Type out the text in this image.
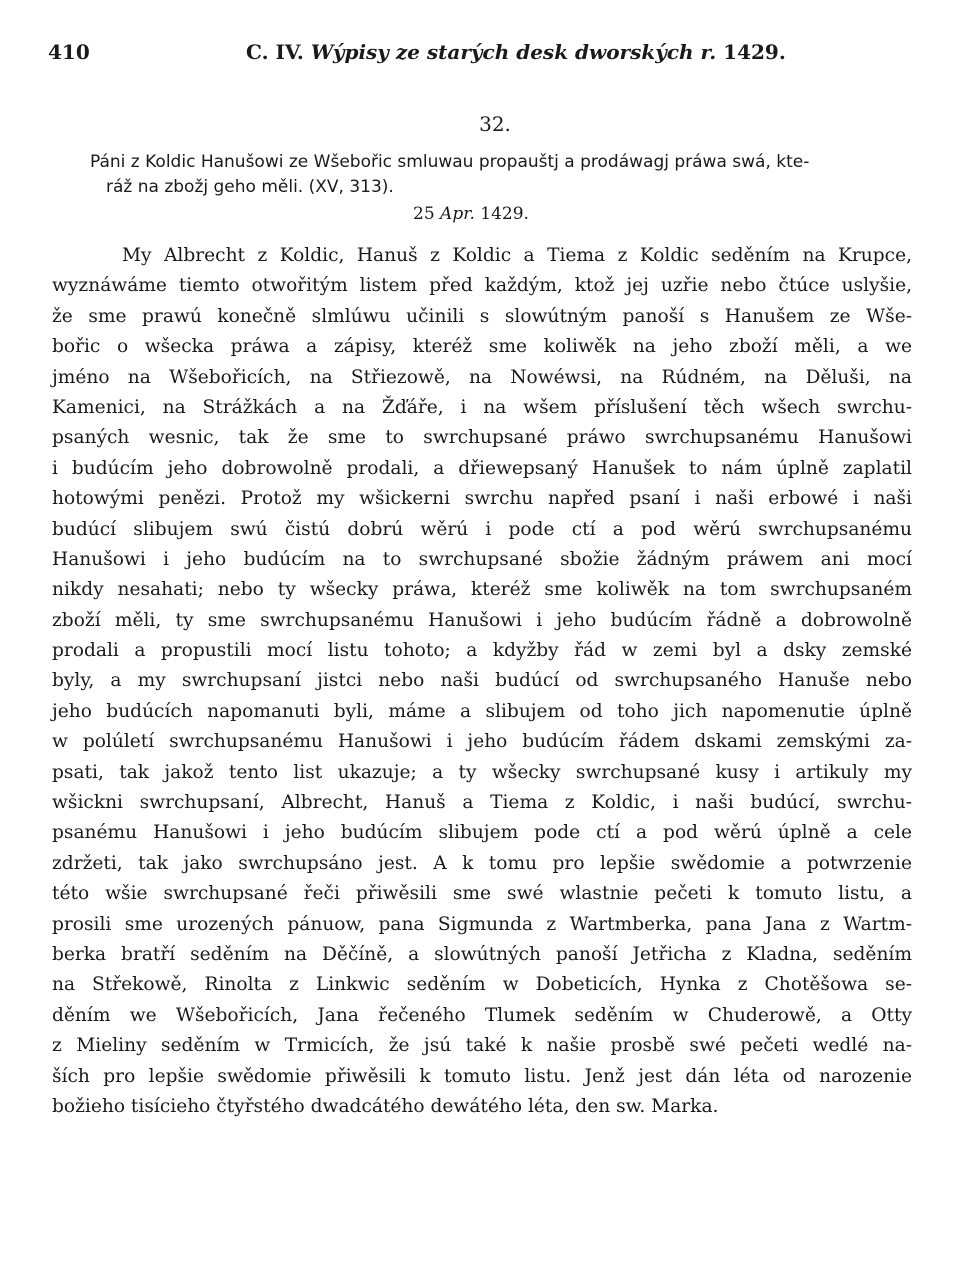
410	C. IV. Wýpisy ze starých desk dworských r. 1429.
32.
Páni z Koldic Hanušowi ze Wšebořic smluwau propauštj a prodáwagj práwa swá, kte-
ráž na zbožj geho měli. (XV, 313).
25 Apr. 1429.
My Albrecht z Koldic, Hanuš z Koldic a Tiema z Koldic seděním na Krupce,
wyznáwáme tiemto otwořitým listem před každým, ktož jej uzřie nebo čtúce uslyšie,
že sme prawú konečně slmlúwu učinili s slowútným panoší s Hanušem ze Wše-
bořic o wšecka práwa a zápisy, kteréž sme koliwěk na jeho zboží měli, a we
jméno na Wšebořicích, na Střiezowě, na Nowéwsi, na Rúdném, na Děluši, na
Kamenici, na Strážkách a na Žďáře, i na wšem příslušení těch wšech swrchu-
psaných wesnic, tak že sme to swrchupsané práwo swrchupsanému Hanušowi
i budúcím jeho dobrowolně prodali, a dřiewepsaný Hanušek to nám úplně zaplatil
hotowými penězi. Protož my wšickerni swrchu napřed psaní i naši erbowé i naši
budúcí slibujem swú čistú dobrú wěrú i pode ctí a pod wěrú swrchupsanému
Hanušowi i jeho budúcím na to swrchupsané sbožie žádným práwem ani mocí
nikdy nesahati; nebo ty wšecky práwa, kteréž sme koliwěk na tom swrchupsaném
zboží měli, ty sme swrchupsanému Hanušowi i jeho budúcím řádně a dobrowolně
prodali a propustili mocí listu tohoto; a kdyžby řád w zemi byl a dsky zemské
byly, a my swrchupsaní jistci nebo naši budúcí od swrchupsaného Hanuše nebo
jeho budúcích napomanuti byli, máme a slibujem od toho jich napomenutie úplně
w polúletí swrchupsanému Hanušowi i jeho budúcím řádem dskami zemskými za-
psati, tak jakož tento list ukazuje; a ty wšecky swrchupsané kusy i artikuly my
wšickni swrchupsaní, Albrecht, Hanuš a Tiema z Koldic, i naši budúcí, swrchu-
psanému Hanušowi i jeho budúcím slibujem pode ctí a pod wěrú úplně a cele
zdržeti, tak jako swrchupsáno jest. A k tomu pro lepšie swědomie a potwrzenie
této wšie swrchupsané řeči přiwěsili sme swé wlastnie pečeti k tomuto listu, a
prosili sme urozených pánuow, pana Sigmunda z Wartmberka, pana Jana z Wartm-
berka bratří seděním na Děčíně, a slowútných panoší Jetřicha z Kladna, seděním
na Střekowě, Rinolta z Linkwic seděním w Dobeticích, Hynka z Chotěšowa se-
děním we Wšebořicích, Jana řečeného Tlumek seděním w Chuderowě, a Otty
z Mieliny seděním w Trmicích, že jsú také k našie prosbě swé pečeti wedlé na-
ších pro lepšie swědomie přiwěsili k tomuto listu. Jenž jest dán léta od narozenie
božieho tisícieho čtyřstého dwadcátého dewátého léta, den sw. Marka.
